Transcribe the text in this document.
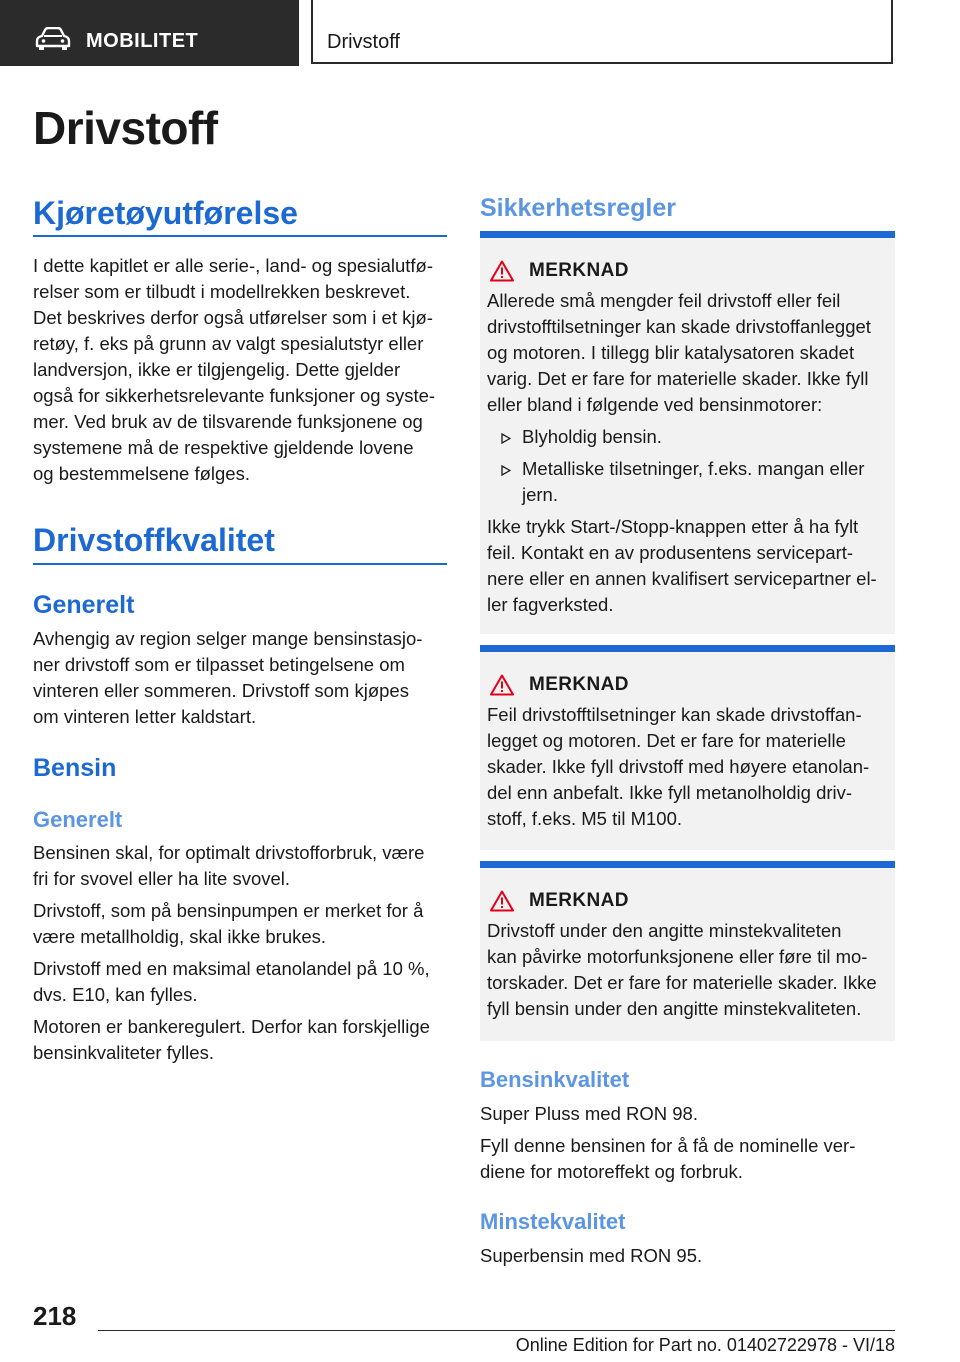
MOBILITET	Drivstoff
Drivstoff
Kjøretøyutførelse

I dette kapitlet er alle serie-, land- og spesialutfø-
relser som er tilbudt i modellrekken beskrevet.
Det beskrives derfor også utførelser som i et kjø-
retøy, f. eks på grunn av valgt spesialutstyr eller
landversjon, ikke er tilgjengelig. Dette gjelder
også for sikkerhetsrelevante funksjoner og syste-
mer. Ved bruk av de tilsvarende funksjonene og
systemene må de respektive gjeldende lovene
og bestemmelsene følges.

Drivstoffkvalitet
Generelt

Avhengig av region selger mange bensinstasjo-
ner drivstoff som er tilpasset betingelsene om
vinteren eller sommeren. Drivstoff som kjøpes
om vinteren letter kaldstart.

Bensin
Generelt

Bensinen skal, for optimalt drivstofforbruk, være
fri for svovel eller ha lite svovel.

Drivstoff, som på bensinpumpen er merket for å
være metallholdig, skal ikke brukes.

Drivstoff med en maksimal etanolandel på 10 %,
dvs. E10, kan fylles.

Motoren er bankeregulert. Derfor kan forskjellige
bensinkvaliteter fylles.

Sikkerhetsregler
MERKNAD

Allerede små mengder feil drivstoff eller feil
drivstofftilsetninger kan skade drivstoffanlegget
og motoren. I tillegg blir katalysatoren skadet
varig. Det er fare for materielle skader. Ikke fyll
eller bland i følgende ved bensinmotorer:

Blyholdig bensin.
Metalliske tilsetninger, f.eks. mangan eller
jern.

Ikke trykk Start-/Stopp-knappen etter å ha fylt
feil. Kontakt en av produsentens servicepart-
nere eller en annen kvalifisert servicepartner el-
ler fagverksted.

MERKNAD

Feil drivstofftilsetninger kan skade drivstoffan-
legget og motoren. Det er fare for materielle
skader. Ikke fyll drivstoff med høyere etanolan-
del enn anbefalt. Ikke fyll metanolholdig driv-
stoff, f.eks. M5 til M100.

MERKNAD

Drivstoff under den angitte minstekvaliteten
kan påvirke motorfunksjonene eller føre til mo-
torskader. Det er fare for materielle skader. Ikke
fyll bensin under den angitte minstekvaliteten.

Bensinkvalitet

Super Pluss med RON 98.

Fyll denne bensinen for å få de nominelle ver-
diene for motoreffekt og forbruk.

Minstekvalitet

Superbensin med RON 95.

218
Online Edition for Part no. 01402722978 - VI/18
